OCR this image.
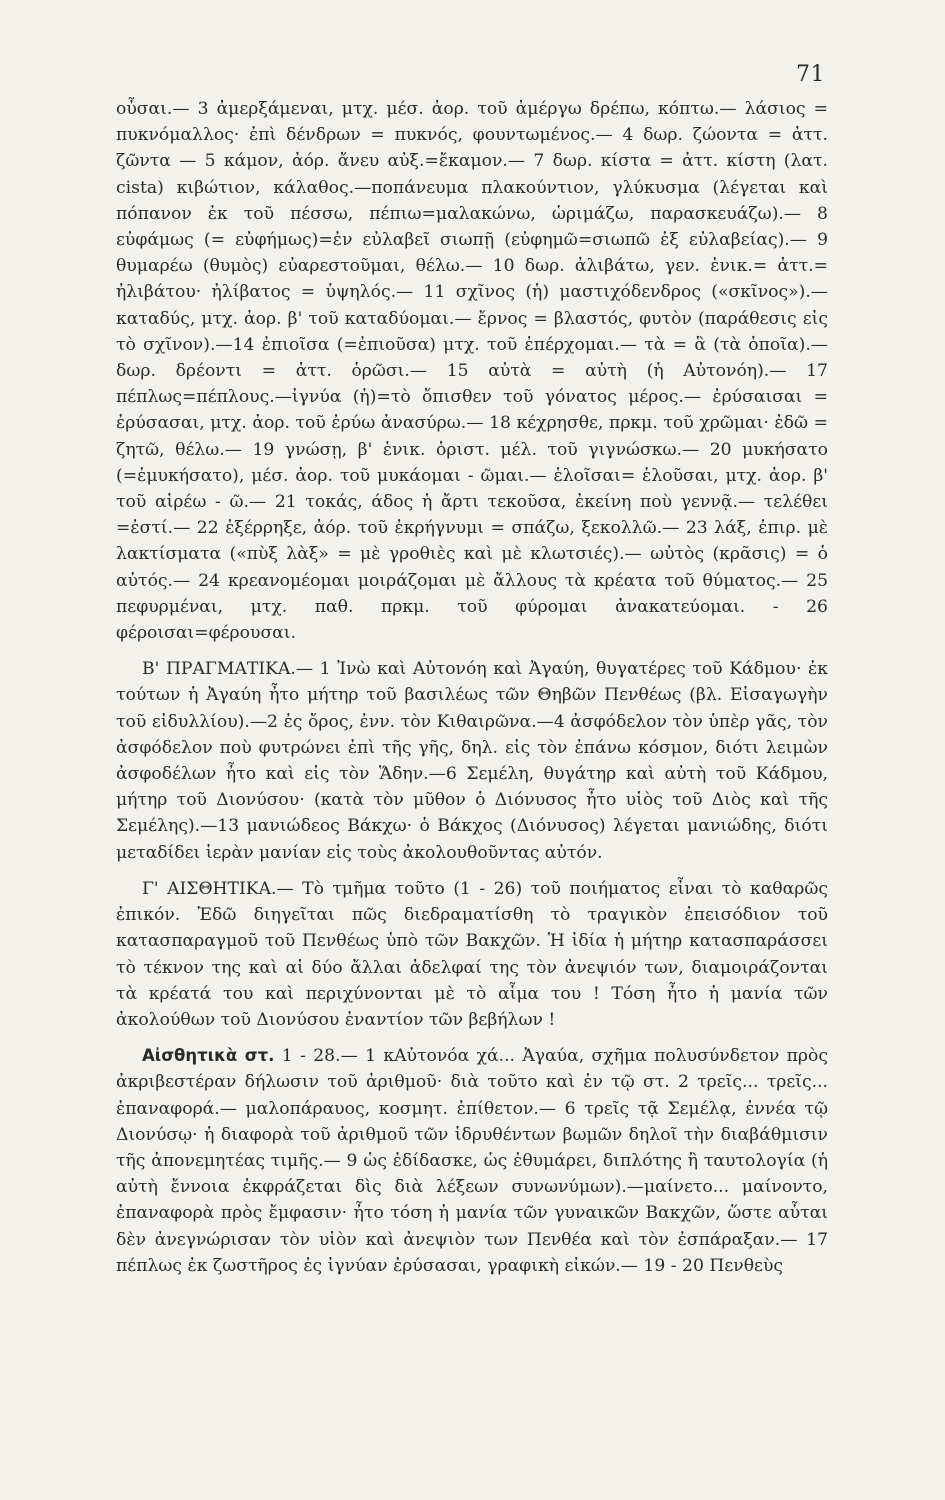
71

οὖσαι.— 3 ἀμερξάμεναι, μτχ. μέσ. ἀορ. τοῦ ἀμέργω δρέπω, κόπτω.— λάσιος = πυκνόμαλλος· ἐπὶ δένδρων = πυκνός, φουντωμένος.— 4 δωρ. ζώοντα = ἀττ. ζῶντα — 5 κάμον, ἀόρ. ἄνευ αὐξ.=ἔκαμον.— 7 δωρ. κίστα = ἀττ. κίστη (λατ. cista) κιβώτιον, κάλαθος.—ποπάνευμα πλακούντιον, γλύκυσμα (λέγεται καὶ πόπανον ἐκ τοῦ πέσσω, πέπιω=μαλακώνω, ὡριμάζω, παρασκευάζω).— 8 εὐφάμως (= εὐφήμως)=ἐν εὐλαβεῖ σιωπῇ (εὐφημῶ=σιωπῶ ἐξ εὐλαβείας).— 9 θυμαρέω (θυμὸς) εὐαρεστοῦμαι, θέλω.— 10 δωρ. ἀλιβάτω, γεν. ἑνικ.= ἀττ.= ἠλιβάτου· ἠλίβατος = ὑψηλός.— 11 σχῖνος (ἡ) μαστιχόδενδρος («σκῖνος»).— καταδύς, μτχ. ἀορ. β' τοῦ καταδύομαι.— ἔρνος = βλαστός, φυτὸν (παράθεσις εἰς τὸ σχῖνον).—14 ἐπιοῖσα (=ἐπιοῦσα) μτχ. τοῦ ἐπέρχομαι.— τὰ = ἃ (τὰ ὁποῖα).— δωρ. δρέοντι = ἀττ. ὁρῶσι.— 15 αὐτὰ = αὐτὴ (ἡ Αὐτονόη).— 17 πέπλως=πέπλους.—ἰγνύα (ἡ)=τὸ ὄπισθεν τοῦ γόνατος μέρος.— ἐρύσαισαι = ἐρύσασαι, μτχ. ἀορ. τοῦ ἐρύω ἀνασύρω.— 18 κέχρησθε, πρκμ. τοῦ χρῶμαι· ἐδῶ = ζητῶ, θέλω.— 19 γνώσῃ, β' ἑνικ. ὁριστ. μέλ. τοῦ γιγνώσκω.— 20 μυκήσατο (=ἐμυκήσατο), μέσ. ἀορ. τοῦ μυκάομαι - ῶμαι.— ἑλοῖσαι= ἑλοῦσαι, μτχ. ἀορ. β' τοῦ αἱρέω - ῶ.— 21 τοκάς, άδος ἡ ἄρτι τεκοῦσα, ἐκείνη ποὺ γεννᾷ.— τελέθει =ἐστί.— 22 ἐξέρρηξε, ἀόρ. τοῦ ἐκρήγνυμι = σπάζω, ξεκολλῶ.— 23 λάξ, ἐπιρ. μὲ λακτίσματα («πὺξ λὰξ» = μὲ γροθιὲς καὶ μὲ κλωτσιές).— ωὐτὸς (κρᾶσις) = ὁ αὐτός.— 24 κρεανομέομαι μοιράζομαι μὲ ἄλλους τὰ κρέατα τοῦ θύματος.— 25 πεφυρμέναι, μτχ. παθ. πρκμ. τοῦ φύρομαι ἀνακατεύομαι. - 26 φέροισαι=φέρουσαι.

Β' ΠΡΑΓΜΑΤΙΚΑ.— 1 Ἰνὼ καὶ Αὐτονόη καὶ Ἀγαύη, θυγατέρες τοῦ Κάδμου· ἐκ τούτων ἡ Ἀγαύη ἦτο μήτηρ τοῦ βασιλέως τῶν Θηβῶν Πενθέως (βλ. Εἰσαγωγὴν τοῦ εἰδυλλίου).—2 ἐς ὄρος, ἐνν. τὸν Κιθαιρῶνα.—4 ἀσφόδελον τὸν ὑπὲρ γᾶς, τὸν ἀσφόδελον ποὺ φυτρώνει ἐπὶ τῆς γῆς, δηλ. εἰς τὸν ἐπάνω κόσμον, διότι λειμὼν ἀσφοδέλων ἦτο καὶ εἰς τὸν Ἅδην.—6 Σεμέλη, θυγάτηρ καὶ αὐτὴ τοῦ Κάδμου, μήτηρ τοῦ Διονύσου· (κατὰ τὸν μῦθον ὁ Διόνυσος ἦτο υἱὸς τοῦ Διὸς καὶ τῆς Σεμέλης).—13 μανιώδεος Βάκχω· ὁ Βάκχος (Διόνυσος) λέγεται μανιώδης, διότι μεταδίδει ἱερὰν μανίαν εἰς τοὺς ἀκολουθοῦντας αὐτόν.

Γ' ΑΙΣΘΗΤΙΚΑ.— Τὸ τμῆμα τοῦτο (1 - 26) τοῦ ποιήματος εἶναι τὸ καθαρῶς ἐπικόν. Ἐδῶ διηγεῖται πῶς διεδραματίσθη τὸ τραγικὸν ἐπεισόδιον τοῦ κατασπαραγμοῦ τοῦ Πενθέως ὑπὸ τῶν Βακχῶν. Ἡ ἰδία ἡ μήτηρ κατασπαράσσει τὸ τέκνον της καὶ αἱ δύο ἄλλαι ἀδελφαί της τὸν ἀνεψιόν των, διαμοιράζονται τὰ κρέατά του καὶ περιχύνονται μὲ τὸ αἷμα του ! Τόση ἦτο ἡ μανία τῶν ἀκολούθων τοῦ Διονύσου ἐναντίον τῶν βεβήλων !

Αἰσθητικὰ στ. 1 - 28.— 1 κΑὐτονόα χά... Ἀγαύα, σχῆμα πολυσύνδετον πρὸς ἀκριβεστέραν δήλωσιν τοῦ ἀριθμοῦ· διὰ τοῦτο καὶ ἐν τῷ στ. 2 τρεῖς... τρεῖς... ἐπαναφορά.— μαλοπάραυος, κοσμητ. ἐπίθετον.— 6 τρεῖς τᾷ Σεμέλᾳ, ἐννέα τῷ Διονύσῳ· ἡ διαφορὰ τοῦ ἀριθμοῦ τῶν ἱδρυθέντων βωμῶν δηλοῖ τὴν διαβάθμισιν τῆς ἀπονεμητέας τιμῆς.— 9 ὡς ἐδίδασκε, ὡς ἐθυμάρει, διπλότης ἢ ταυτολογία (ἡ αὐτὴ ἔννοια ἐκφράζεται δὶς διὰ λέξεων συνωνύμων).—μαίνετο... μαίνοντο, ἐπαναφορὰ πρὸς ἔμφασιν· ἦτο τόση ἡ μανία τῶν γυναικῶν Βακχῶν, ὥστε αὗται δὲν ἀνεγνώρισαν τὸν υἱὸν καὶ ἀνεψιὸν των Πενθέα καὶ τὸν ἐσπάραξαν.— 17 πέπλως ἐκ ζωστῆρος ἐς ἰγνύαν ἐρύσασαι, γραφικὴ εἰκών.— 19 - 20 Πενθεὺς
